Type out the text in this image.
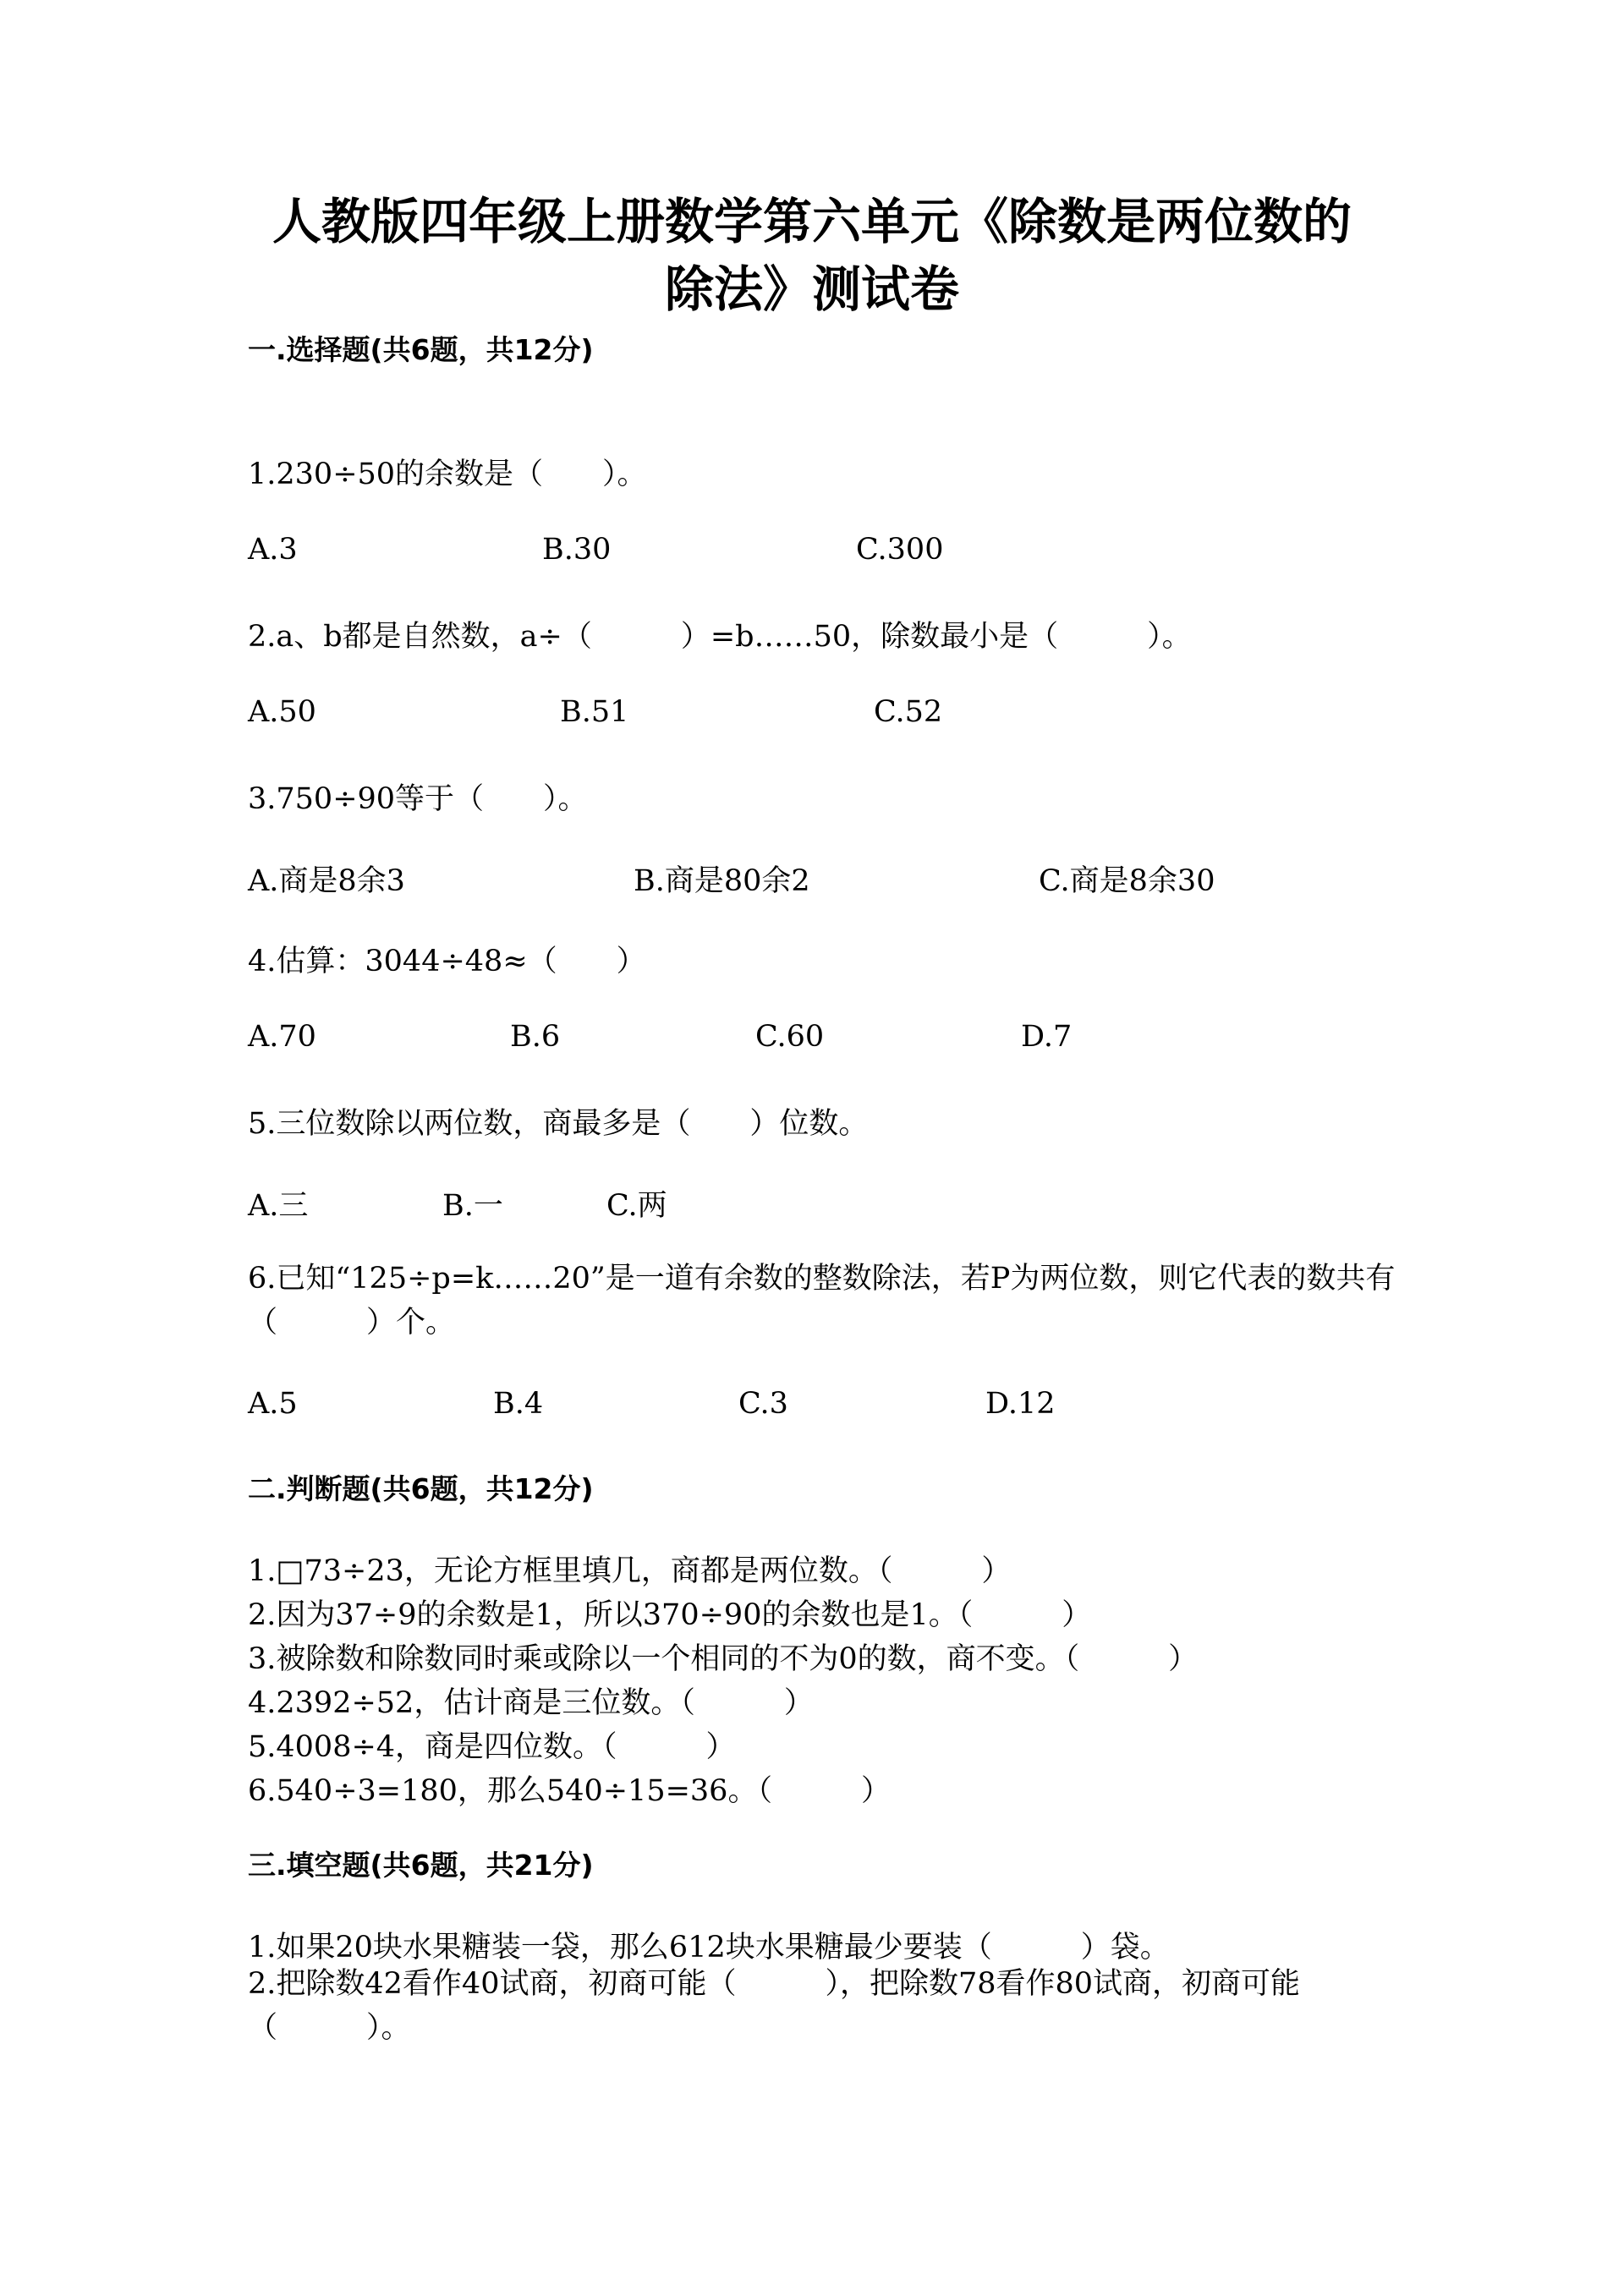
人教版四年级上册数学第六单元《除数是两位数的
除法》测试卷
一.选择题(共6题，共12分)
1.230÷50的余数是（　　）。
A.3	B.30	C.300
2.a、b都是自然数，a÷（　　　）=b……50，除数最小是（　　　）。
A.50	B.51	C.52
3.750÷90等于（　　）。
A.商是8余3	B.商是80余2	C.商是8余30
4.估算：3044÷48≈（　　）
A.70	B.6	C.60	D.7
5.三位数除以两位数，商最多是（　　）位数。
A.三	B.一	C.两
6.已知“125÷p=k……20”是一道有余数的整数除法，若P为两位数，则它代表的数共有（　　　）个。
A.5	B.4	C.3	D.12
二.判断题(共6题，共12分)
1.□73÷23，无论方框里填几，商都是两位数。（　　　）
2.因为37÷9的余数是1，所以370÷90的余数也是1。（　　　）
3.被除数和除数同时乘或除以一个相同的不为0的数，商不变。（　　　）
4.2392÷52，估计商是三位数。（　　　）
5.4008÷4，商是四位数。（　　　）
6.540÷3=180，那么540÷15=36。（　　　）
三.填空题(共6题，共21分)
1.如果20块水果糖装一袋，那么612块水果糖最少要装（　　　）袋。
2.把除数42看作40试商，初商可能（　　　），把除数78看作80试商，初商可能（　　　）。
